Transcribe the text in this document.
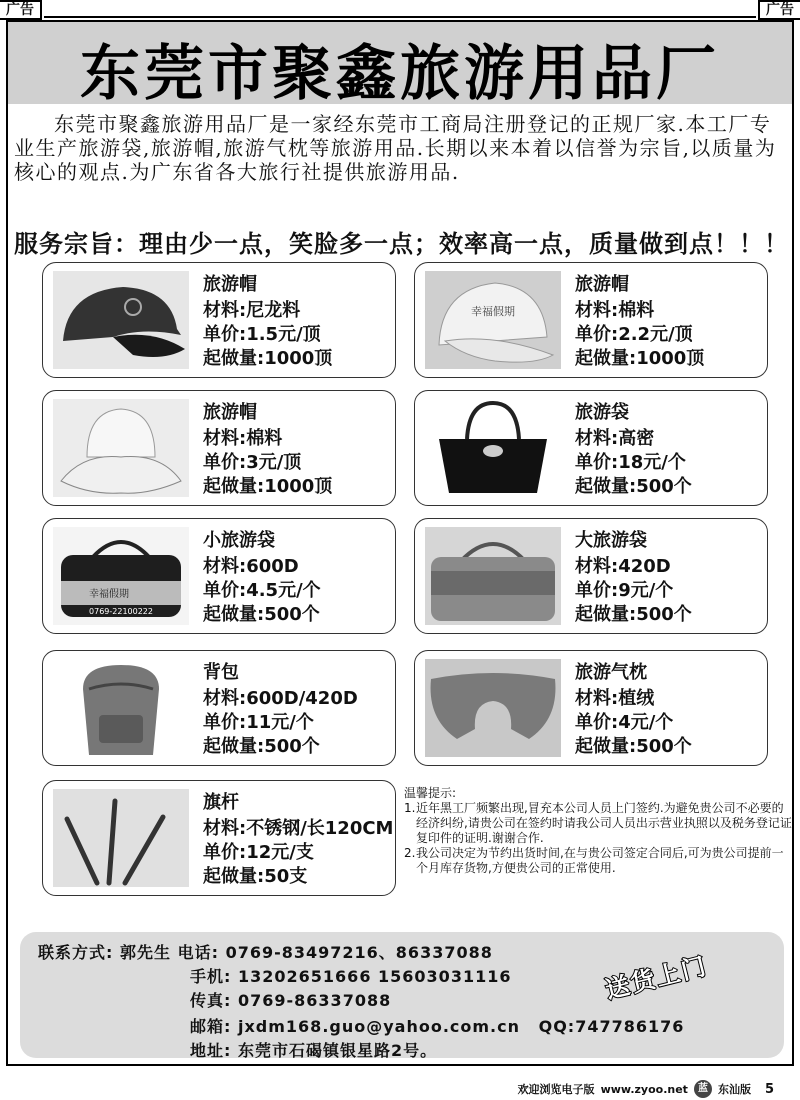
广告	广告
东莞市聚鑫旅游用品厂
东莞市聚鑫旅游用品厂是一家经东莞市工商局注册登记的正规厂家.本工厂专业生产旅游袋,旅游帽,旅游气枕等旅游用品.长期以来本着以信誉为宗旨,以质量为核心的观点.为广东省各大旅行社提供旅游用品.
服务宗旨：理由少一点，笑脸多一点；效率高一点，质量做到点！！！
旅游帽
材料:尼龙料
单价:1.5元/顶
起做量:1000顶
幸福假期
旅游帽
材料:棉料
单价:2.2元/顶
起做量:1000顶
旅游帽
材料:棉料
单价:3元/顶
起做量:1000顶
旅游袋
材料:高密
单价:18元/个
起做量:500个
幸福假期
0769-22100222
小旅游袋
材料:600D
单价:4.5元/个
起做量:500个
大旅游袋
材料:420D
单价:9元/个
起做量:500个
背包
材料:600D/420D
单价:11元/个
起做量:500个
旅游气枕
材料:植绒
单价:4元/个
起做量:500个
旗杆
材料:不锈钢/长120CM
单价:12元/支
起做量:50支
温馨提示:
1. 近年黑工厂频繁出现,冒充本公司人员上门签约.为避免贵公司不必要的经济纠纷,请贵公司在签约时请我公司人员出示营业执照以及税务登记证复印件的证明.谢谢合作.
2. 我公司决定为节约出货时间,在与贵公司签定合同后,可为贵公司提前一个月库存货物,方便贵公司的正常使用.
联系方式: 郭先生 电话: 0769-83497216、86337088
手机: 13202651666 15603031116
传真: 0769-86337088
邮箱: jxdm168.guo@yahoo.com.cn QQ:747786176
地址: 东莞市石碣镇银星路2号。
送货上门
欢迎浏览电子版 www.zyoo.net	蓝 东汕版 5
